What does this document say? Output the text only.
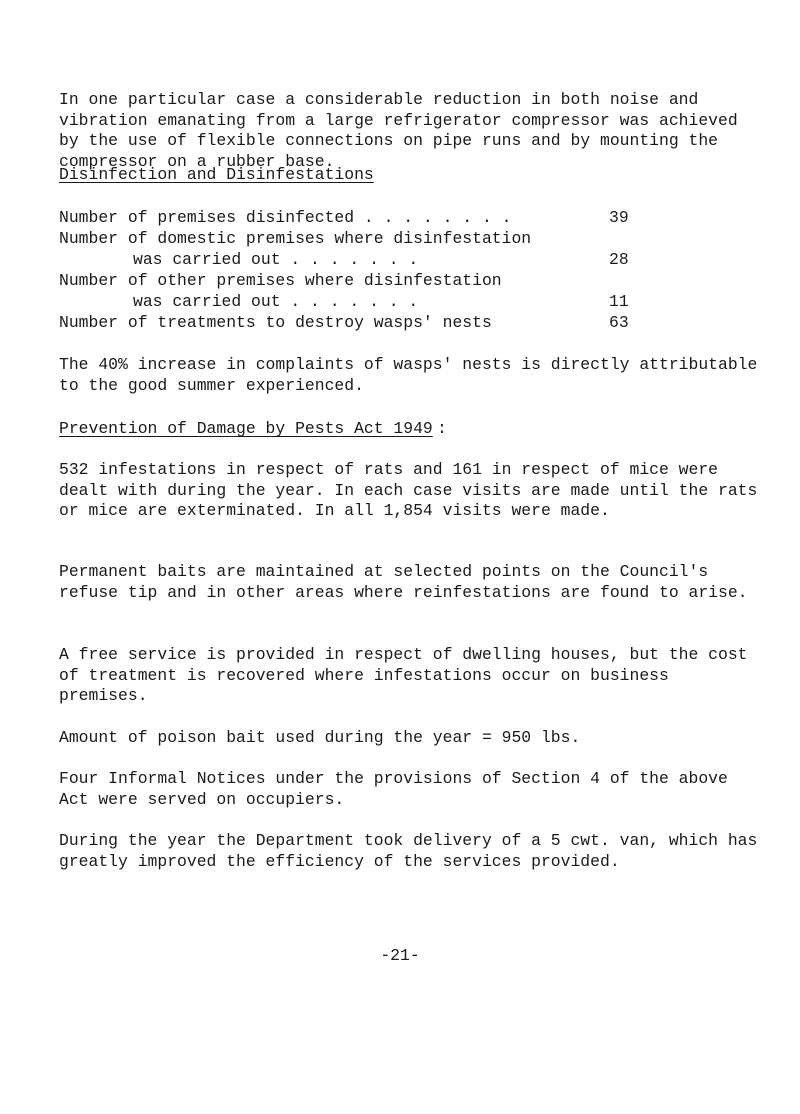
In one particular case a considerable reduction in both noise and vibration emanating from a large refrigerator compressor was achieved by the use of flexible connections on pipe runs and by mounting the compressor on a rubber base.

Disinfection and Disinfestations

Number of premises disinfected . . . . . . . .	39
Number of domestic premises where disinfestation
was carried out . . . . . . .	28
Number of other premises where disinfestation
was carried out . . . . . . .	11
Number of treatments to destroy wasps' nests	63

The 40% increase in complaints of wasps' nests is directly attributable to the good summer experienced.

Prevention of Damage by Pests Act 1949 :

532 infestations in respect of rats and 161 in respect of mice were dealt with during the year. In each case visits are made until the rats or mice are exterminated. In all 1,854 visits were made.

Permanent baits are maintained at selected points on the Council's refuse tip and in other areas where reinfestations are found to arise.

A free service is provided in respect of dwelling houses, but the cost of treatment is recovered where infestations occur on business premises.

Amount of poison bait used during the year = 950 lbs.

Four Informal Notices under the provisions of Section 4 of the above Act were served on occupiers.

During the year the Department took delivery of a 5 cwt. van, which has greatly improved the efficiency of the services provided.

-21-
